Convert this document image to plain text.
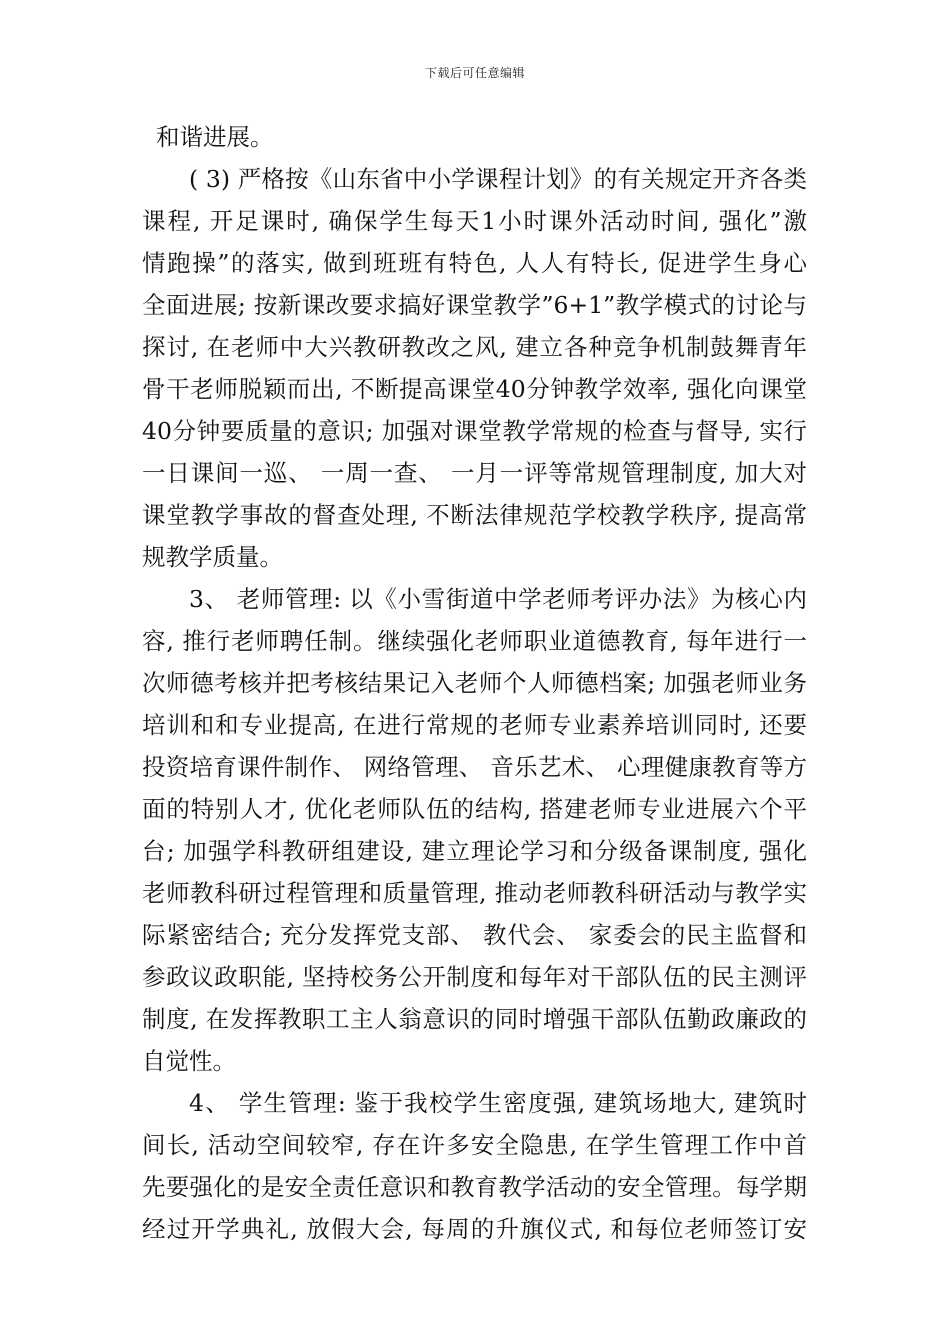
下载后可任意编辑
和谐进展。
( 3) 严格按《山东省中小学课程计划》的有关规定开齐各类
课程, 开足课时, 确保学生每天1小时课外活动时间, 强化”激
情跑操”的落实, 做到班班有特色, 人人有特长, 促进学生身心
全面进展; 按新课改要求搞好课堂教学”6+1”教学模式的讨论与
探讨, 在老师中大兴教研教改之风, 建立各种竞争机制鼓舞青年
骨干老师脱颖而出, 不断提高课堂40分钟教学效率, 强化向课堂
40分钟要质量的意识; 加强对课堂教学常规的检查与督导, 实行
一日课间一巡、 一周一查、 一月一评等常规管理制度, 加大对
课堂教学事故的督查处理, 不断法律规范学校教学秩序, 提高常
规教学质量。
3、 老师管理: 以《小雪街道中学老师考评办法》为核心内
容, 推行老师聘任制。继续强化老师职业道德教育, 每年进行一
次师德考核并把考核结果记入老师个人师德档案; 加强老师业务
培训和和专业提高, 在进行常规的老师专业素养培训同时, 还要
投资培育课件制作、 网络管理、 音乐艺术、 心理健康教育等方
面的特别人才, 优化老师队伍的结构, 搭建老师专业进展六个平
台; 加强学科教研组建设, 建立理论学习和分级备课制度, 强化
老师教科研过程管理和质量管理, 推动老师教科研活动与教学实
际紧密结合; 充分发挥党支部、 教代会、 家委会的民主监督和
参政议政职能, 坚持校务公开制度和每年对干部队伍的民主测评
制度, 在发挥教职工主人翁意识的同时增强干部队伍勤政廉政的
自觉性。
4、 学生管理: 鉴于我校学生密度强, 建筑场地大, 建筑时
间长, 活动空间较窄, 存在许多安全隐患, 在学生管理工作中首
先要强化的是安全责任意识和教育教学活动的安全管理。每学期
经过开学典礼, 放假大会, 每周的升旗仪式, 和每位老师签订安
